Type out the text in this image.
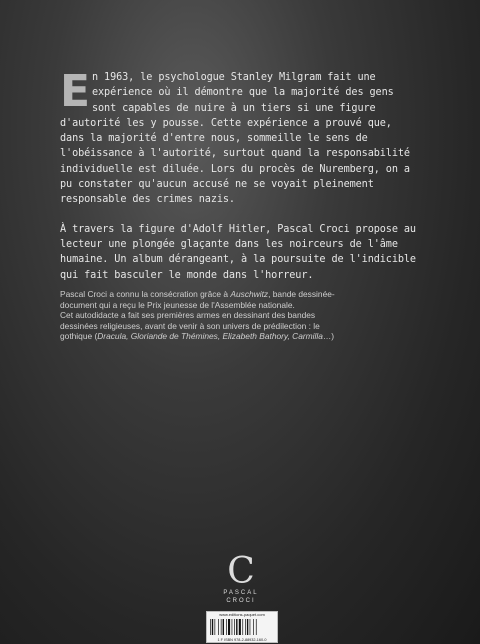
En 1963, le psychologue Stanley Milgram fait une expérience où il démontre que la majorité des gens sont capables de nuire à un tiers si une figure d'autorité les y pousse. Cette expérience a prouvé que, dans la majorité d'entre nous, sommeille le sens de l'obéissance à l'autorité, surtout quand la responsabilité individuelle est diluée. Lors du procès de Nuremberg, on a pu constater qu'aucun accusé ne se voyait pleinement responsable des crimes nazis.

À travers la figure d'Adolf Hitler, Pascal Croci propose au lecteur une plongée glaçante dans les noirceurs de l'âme humaine. Un album dérangeant, à la poursuite de l'indicible qui fait basculer le monde dans l'horreur.

Pascal Croci a connu la consécration grâce à Auschwitz, bande dessinée-document qui a reçu le Prix jeunesse de l'Assemblée nationale.

Cet autodidacte a fait ses premières armes en dessinant des bandes dessinées religieuses, avant de venir à son univers de prédilection : le gothique (Dracula, Gloriande de Thémines, Elizabeth Bathory, Carmilla…)

C
PASCAL
CROCI
www.editions-paquet.com
1 F ISBN 978-2-88932-160-0
